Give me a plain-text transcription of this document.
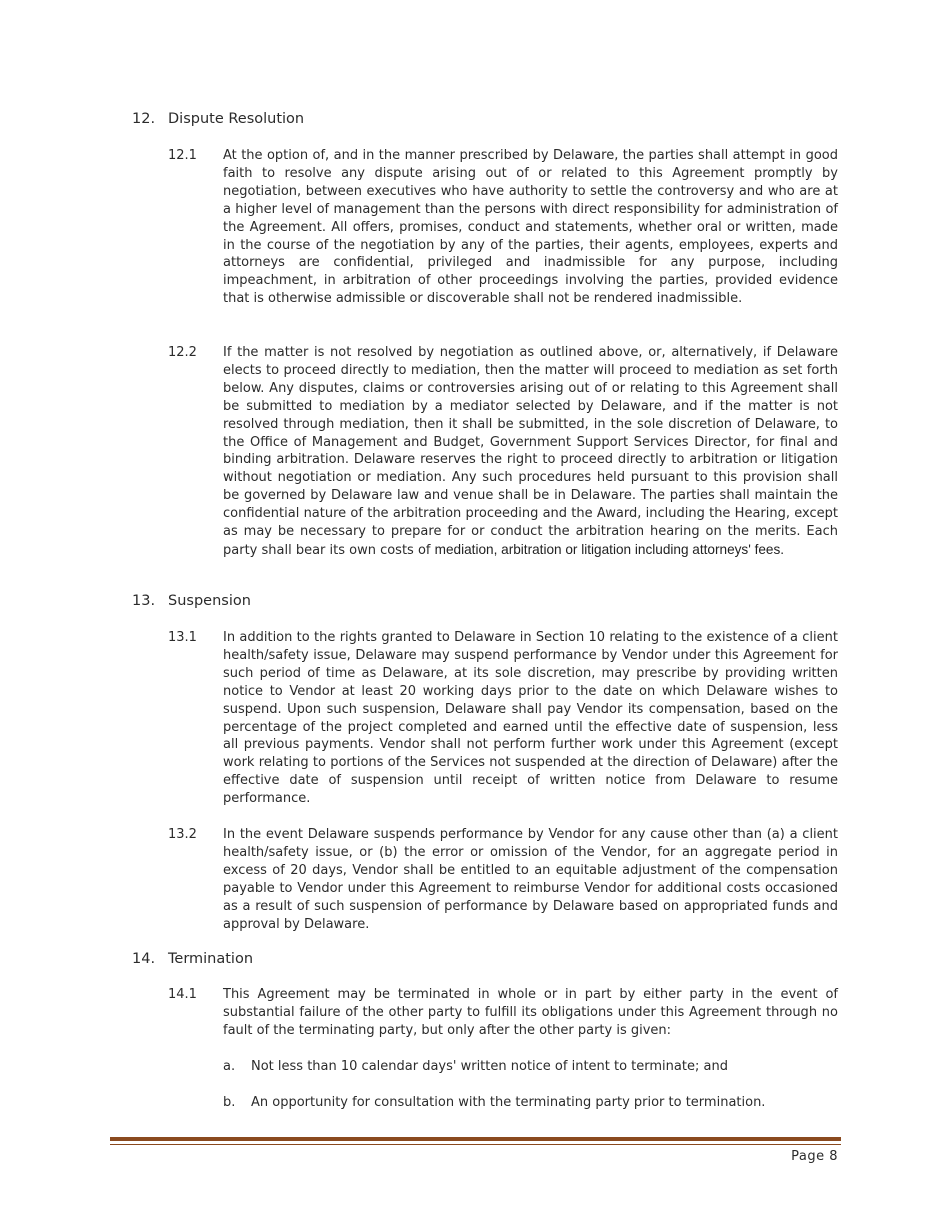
12. Dispute Resolution
12.1	At the option of, and in the manner prescribed by Delaware, the parties shall attempt in good faith to resolve any dispute arising out of or related to this Agreement promptly by negotiation, between executives who have authority to settle the controversy and who are at a higher level of management than the persons with direct responsibility for administration of the Agreement. All offers, promises, conduct and statements, whether oral or written, made in the course of the negotiation by any of the parties, their agents, employees, experts and attorneys are confidential, privileged and inadmissible for any purpose, including impeachment, in arbitration of other proceedings involving the parties, provided evidence that is otherwise admissible or discoverable shall not be rendered inadmissible.
12.2	If the matter is not resolved by negotiation as outlined above, or, alternatively, if Delaware elects to proceed directly to mediation, then the matter will proceed to mediation as set forth below. Any disputes, claims or controversies arising out of or relating to this Agreement shall be submitted to mediation by a mediator selected by Delaware, and if the matter is not resolved through mediation, then it shall be submitted, in the sole discretion of Delaware, to the Office of Management and Budget, Government Support Services Director, for final and binding arbitration. Delaware reserves the right to proceed directly to arbitration or litigation without negotiation or mediation. Any such procedures held pursuant to this provision shall be governed by Delaware law and venue shall be in Delaware. The parties shall maintain the confidential nature of the arbitration proceeding and the Award, including the Hearing, except as may be necessary to prepare for or conduct the arbitration hearing on the merits. Each party shall bear its own costs of mediation, arbitration or litigation including attorneys' fees.
13. Suspension
13.1	In addition to the rights granted to Delaware in Section 10 relating to the existence of a client health/safety issue, Delaware may suspend performance by Vendor under this Agreement for such period of time as Delaware, at its sole discretion, may prescribe by providing written notice to Vendor at least 20 working days prior to the date on which Delaware wishes to suspend. Upon such suspension, Delaware shall pay Vendor its compensation, based on the percentage of the project completed and earned until the effective date of suspension, less all previous payments. Vendor shall not perform further work under this Agreement (except work relating to portions of the Services not suspended at the direction of Delaware) after the effective date of suspension until receipt of written notice from Delaware to resume performance.
13.2	In the event Delaware suspends performance by Vendor for any cause other than (a) a client health/safety issue, or (b) the error or omission of the Vendor, for an aggregate period in excess of 20 days, Vendor shall be entitled to an equitable adjustment of the compensation payable to Vendor under this Agreement to reimburse Vendor for additional costs occasioned as a result of such suspension of performance by Delaware based on appropriated funds and approval by Delaware.
14. Termination
14.1	This Agreement may be terminated in whole or in part by either party in the event of substantial failure of the other party to fulfill its obligations under this Agreement through no fault of the terminating party, but only after the other party is given:
a. Not less than 10 calendar days' written notice of intent to terminate; and
b. An opportunity for consultation with the terminating party prior to termination.
Page 8
